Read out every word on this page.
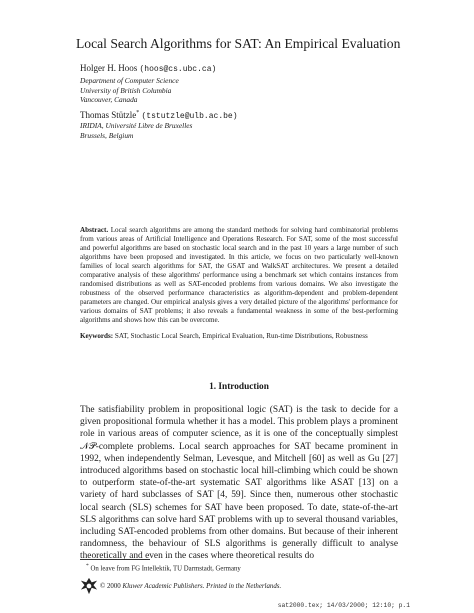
Local Search Algorithms for SAT: An Empirical Evaluation
Holger H. Hoos (hoos@cs.ubc.ca)
Department of Computer Science
University of British Columbia
Vancouver, Canada
Thomas Stützle* (tstutzle@ulb.ac.be)
IRIDIA, Université Libre de Bruxelles
Brussels, Belgium
Abstract. Local search algorithms are among the standard methods for solving hard combinatorial problems from various areas of Artificial Intelligence and Operations Research. For SAT, some of the most successful and powerful algorithms are based on stochastic local search and in the past 10 years a large number of such algorithms have been proposed and investigated. In this article, we focus on two particularly well-known families of local search algorithms for SAT, the GSAT and WalkSAT architectures. We present a detailed comparative analysis of these algorithms' performance using a benchmark set which contains instances from randomised distributions as well as SAT-encoded problems from various domains. We also investigate the robustness of the observed performance characteristics as algorithm-dependent and problem-dependent parameters are changed. Our empirical analysis gives a very detailed picture of the algorithms' performance for various domains of SAT problems; it also reveals a fundamental weakness in some of the best-performing algorithms and shows how this can be overcome.
Keywords: SAT, Stochastic Local Search, Empirical Evaluation, Run-time Distributions, Robustness
1. Introduction
The satisfiability problem in propositional logic (SAT) is the task to decide for a given propositional formula whether it has a model. This problem plays a prominent role in various areas of computer science, as it is one of the conceptually simplest 𝒩𝒫-complete problems. Local search approaches for SAT became prominent in 1992, when independently Selman, Levesque, and Mitchell [60] as well as Gu [27] introduced algorithms based on stochastic local hill-climbing which could be shown to outperform state-of-the-art systematic SAT algorithms like ASAT [13] on a variety of hard subclasses of SAT [4, 59]. Since then, numerous other stochastic local search (SLS) schemes for SAT have been proposed. To date, state-of-the-art SLS algorithms can solve hard SAT problems with up to several thousand variables, including SAT-encoded problems from other domains. But because of their inherent randomness, the behaviour of SLS algorithms is generally difficult to analyse theoretically and even in the cases where theoretical results do
* On leave from FG Intellektik, TU Darmstadt, Germany
© 2000 Kluwer Academic Publishers. Printed in the Netherlands.
sat2000.tex; 14/03/2000; 12:10; p.1
